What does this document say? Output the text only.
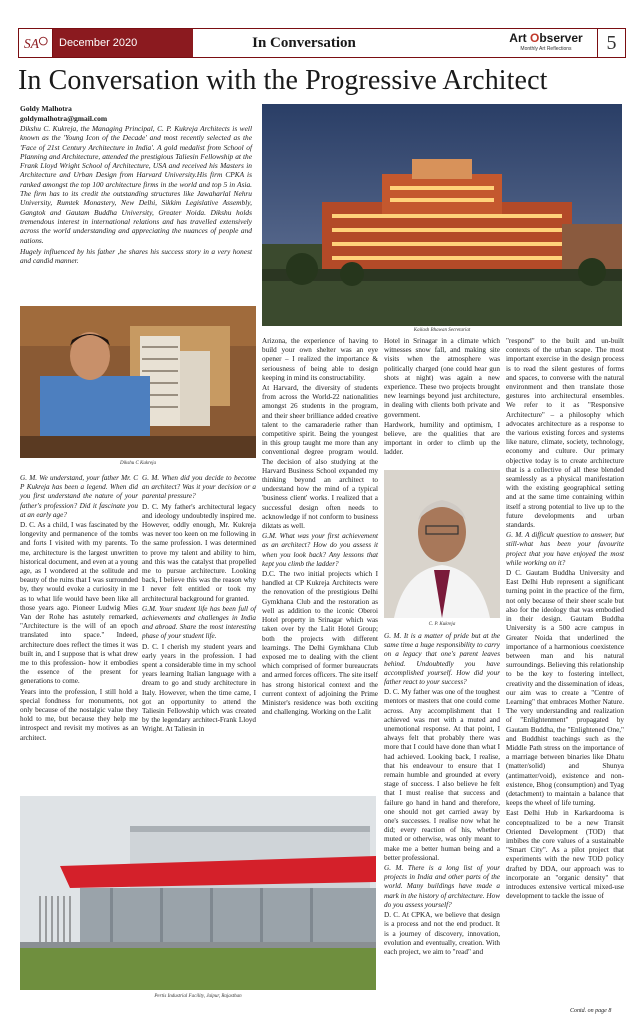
SA	December 2020	In Conversation	Art Observer
Monthly Art Reflections	5
In Conversation with the Progressive Architect
Goldy Malhotra
goldymalhotra@gmail.com

Dikshu C. Kukreja, the Managing Principal, C. P. Kukreja Architects is well known as the 'Young Icon of the Decade' and most recently selected as the 'Face of 21st Century Architecture in India'. A gold medalist from School of Planning and Architecture, attended the prestigious Taliesin Fellowship at the Frank Lloyd Wright School of Architecture, USA and received his Masters in Architecture and Urban Design from Harvard University.His firm CPKA is ranked amongst the top 100 architecture firms in the world and top 5 in Asia. The firm has to its credit the outstanding structures like Jawaharlal Nehru University, Rumtek Monastery, New Delhi, Sikkim Legislative Assembly, Gangtok and Gautam Buddha University, Greater Noida. Dikshu holds tremendous interest in international relations and has travelled extensively across the world understanding and appreciating the nuances of people and nations.

Hugely influenced by his father ,he shares his success story in a very honest and candid manner.

Kailash Bhawan Secretariat
Dikshu C Kukreja

G. M. We understand, your father Mr. C P Kukreja has been a legend. When did you first understand the nature of your father's profession? Did it fascinate you at an early age?

D. C. As a child, I was fascinated by the longevity and permanence of the tombs and forts I visited with my parents. To me, architecture is the largest unwritten historical document, and even at a young age, as I wondered at the solitude and beauty of the ruins that I was surrounded by, they would evoke a curiosity in me as to what life would have been like all those years ago. Pioneer Ludwig Mies Van der Rohe has astutely remarked, "Architecture is the will of an epoch translated into space." Indeed, architecture does reflect the times it was built in, and I suppose that is what drew me to this profession- how it embodies the essence of the present for generations to come.

Years into the profession, I still hold a special fondness for monuments, not only because of the nostalgic value they hold to me, but because they help me introspect and revisit my motives as an architect.

G. M. When did you decide to become an architect? Was it your decision or a parental pressure?

D. C. My father's architectural legacy and ideology undoubtedly inspired me. However, oddly enough, Mr. Kukreja was never too keen on me following in the same profession. I was determined to prove my talent and ability to him, and this was the catalyst that propelled me to pursue architecture. Looking back, I believe this was the reason why I never felt entitled or took my architectural background for granted.

G.M. Your student life has been full of achievements and challenges in India and abroad. Share the most interesting phase of your student life.

D. C. I cherish my student years and early years in the profession. I had spent a considerable time in my school years learning Italian language with a dream to go and study architecture in Italy. However, when the time came, I got an opportunity to attend the Taliesin Fellowship which was created by the legendary architect-Frank Lloyd Wright. At Taliesin in

Arizona, the experience of having to build your own shelter was an eye opener – I realized the importance & seriousness of being able to design keeping in mind its constructability.

At Harvard, the diversity of students from across the World-22 nationalities amongst 26 students in the program, and their sheer brilliance added creative talent to the camaraderie rather than competitive spirit. Being the youngest in this group taught me more than any conventional degree program would. The decision of also studying at the Harvard Business School expanded my thinking beyond an architect to understand how the mind of a typical 'business client' works. I realized that a successful design often needs to acknowledge if not conform to business diktats as well.

G.M. What was your first achievement as an architect? How do you assess it when you look back? Any lessons that kept you climb the ladder?

D.C. The two initial projects which I handled at CP Kukreja Architects were the renovation of the prestigious Delhi Gymkhana Club and the restoration as well as addition to the iconic Oberoi Hotel property in Srinagar which was taken over by the Lalit Hotel Group; both the projects with different learnings. The Delhi Gymkhana Club exposed me to dealing with the client which comprised of former bureaucrats and armed forces officers. The site itself has strong historical context and the current context of adjoining the Prime Minister's residence was both exciting and challenging. Working on the Lalit

Hotel in Srinagar in a climate which witnesses snow fall, and making site visits when the atmosphere was politically charged (one could hear gun shots at night) was again a new experience. These two projects brought new learnings beyond just architecture, in dealing with clients both private and government.

Hardwork, humility and optimism, I believe, are the qualities that are important in order to climb up the ladder.

C. P. Kukreja

G. M. It is a matter of pride but at the same time a huge responsibility to carry on a legacy that one's parent leaves behind. Undoubtedly you have accomplished yourself. How did your father react to your success?

D. C. My father was one of the toughest mentors or masters that one could come across. Any accomplishment that I achieved was met with a muted and unemotional response. At that point, I always felt that probably there was more that I could have done than what I had achieved. Looking back, I realise, that his endeavour to ensure that I remain humble and grounded at every stage of success. I also believe he felt that I must realise that success and failure go hand in hand and therefore, one should not get carried away by one's successes. I realise now what he did; every reaction of his, whether muted or otherwise, was only meant to make me a better human being and a better professional.

G. M. There is a long list of your projects in India and other parts of the world. Many buildings have made a mark in the history of architecture. How do you assess yourself?

D. C. At CPKA, we believe that design is a process and not the end product. It is a journey of discovery, innovation, evolution and eventually, creation. With each project, we aim to "read" and

"respond" to the built and un-built contexts of the urban scape. The most important exercise in the design process is to read the silent gestures of forms and spaces, to converse with the natural environment and then translate those gestures into architectural ensembles. We refer to it as "Responsive Architecture" – a philosophy which advocates architecture as a response to the various existing forces and systems like nature, climate, society, technology, economy and culture. Our primary objective today is to create architecture that is a collective of all these blended seamlessly as a physical manifestation with the existing geographical setting and at the same time containing within itself a strong potential to live up to the future developments and urban standards.

G. M. A difficult question to answer, but still-what has been your favourite project that you have enjoyed the most while working on it?

D C. Gautam Buddha University and East Delhi Hub represent a significant turning point in the practice of the firm, not only because of their sheer scale but also for the ideology that was embodied in their design. Gautam Buddha University is a 500 acre campus in Greater Noida that underlined the importance of a harmonious coexistence between man and his natural surroundings. Believing this relationship to be the key to fostering intellect, creativity and the dissemination of ideas, our aim was to create a "Centre of Learning" that embraces Mother Nature. The very understanding and realization of "Enlightenment" propagated by Gautam Buddha, the "Enlightened One," and Buddhist teachings such as the Middle Path stress on the importance of a marriage between binaries like Dhatu (matter/solid) and Shunya (antimatter/void), existence and non-existence, Bhog (consumption) and Tyag (detachment) to maintain a balance that keeps the wheel of life turning.

East Delhi Hub in Karkardooma is conceptualized to be a new Transit Oriented Development (TOD) that imbibes the core values of a sustainable "Smart City". As a pilot project that experiments with the new TOD policy drafted by DDA, our approach was to incorporate an "organic density" that introduces extensive vertical mixed-use development to tackle the issue of

Pertis Industrial Facility, Jaipur, Rajasthan
Contd. on page 8
